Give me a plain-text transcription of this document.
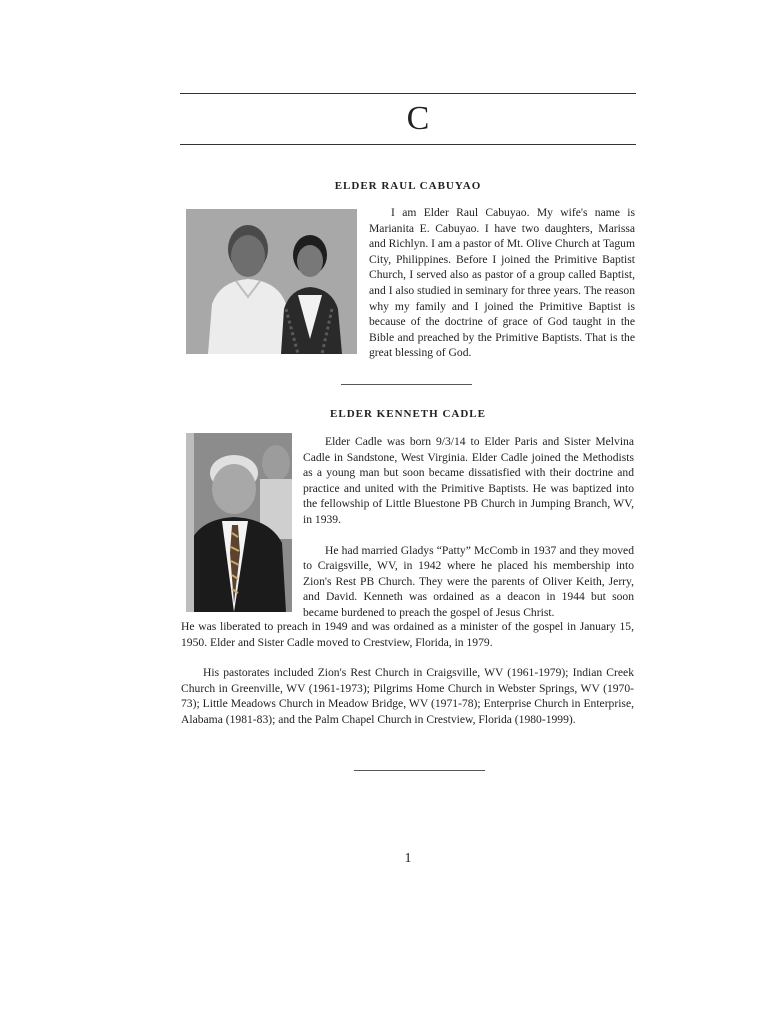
C
ELDER RAUL CABUYAO

I am Elder Raul Cabuyao. My wife's name is Marianita E. Cabuyao. I have two daughters, Marissa and Richlyn. I am a pastor of Mt. Olive Church at Tagum City, Philippines. Before I joined the Primitive Baptist Church, I served also as pastor of a group called Baptist, and I also studied in seminary for three years. The reason why my family and I joined the Primitive Baptist is because of the doctrine of grace of God taught in the Bible and preached by the Primitive Baptists. That is the great blessing of God.

ELDER KENNETH CADLE

Elder Cadle was born 9/3/14 to Elder Paris and Sister Melvina Cadle in Sandstone, West Virginia. Elder Cadle joined the Methodists as a young man but soon became dissatisfied with their doctrine and practice and united with the Primitive Baptists. He was baptized into the fellowship of Little Bluestone PB Church in Jumping Branch, WV, in 1939.

He had married Gladys “Patty” McComb in 1937 and they moved to Craigsville, WV, in 1942 where he placed his membership into Zion's Rest PB Church. They were the parents of Oliver Keith, Jerry, and David. Kenneth was ordained as a deacon in 1944 but soon became burdened to preach the gospel of Jesus Christ.

He was liberated to preach in 1949 and was ordained as a minister of the gospel in January 15, 1950. Elder and Sister Cadle moved to Crestview, Florida, in 1979.

His pastorates included Zion's Rest Church in Craigsville, WV (1961-1979); Indian Creek Church in Greenville, WV (1961-1973); Pilgrims Home Church in Webster Springs, WV (1970-73); Little Meadows Church in Meadow Bridge, WV (1971-78); Enterprise Church in Enterprise, Alabama (1981-83); and the Palm Chapel Church in Crestview, Florida (1980-1999).

1
